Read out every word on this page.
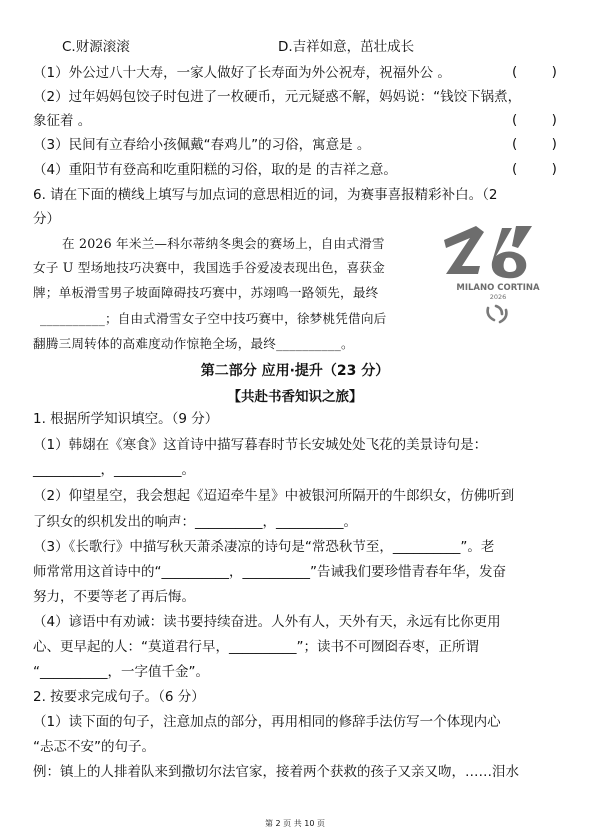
C.财源滚滚	D.吉祥如意，茁壮成长
（1）外公过八十大寿，一家人做好了长寿面为外公祝寿，祝福外公 。	(        )
（2）过年妈妈包饺子时包进了一枚硬币，元元疑惑不解，妈妈说：“钱饺下锅煮，
象征着 。	(        )
（3）民间有立春给小孩佩戴“春鸡儿”的习俗，寓意是 。	(        )
（4）重阳节有登高和吃重阳糕的习俗，取的是 的吉祥之意。	(        )
6. 请在下面的横线上填写与加点词的意思相近的词，为赛事喜报精彩补白。（2
分）
在 2026 年米兰—科尔蒂纳冬奥会的赛场上，自由式滑雪
女子 U 型场地技巧决赛中，我国选手谷爱凌表现出色，喜获金
牌；单板滑雪男子坡面障碍技巧赛中，苏翊鸣一路领先，最终
__________；自由式滑雪女子空中技巧赛中，徐梦桃凭借向后
翻腾三周转体的高难度动作惊艳全场，最终__________。
MILANO CORTINA
2026
第二部分 应用·提升（23 分）
【共赴书香知识之旅】
1. 根据所学知识填空。（9 分）
（1）韩翃在《寒食》这首诗中描写暮春时节长安城处处飞花的美景诗句是：
__________，__________。
（2）仰望星空，我会想起《迢迢牵牛星》中被银河所隔开的牛郎织女，仿佛听到
了织女的织机发出的响声：__________，__________。
（3）《长歌行》中描写秋天萧杀凄凉的诗句是“常恐秋节至，__________”。老
师常常用这首诗中的“__________，__________”告诫我们要珍惜青春年华，发奋
努力，不要等老了再后悔。
（4）谚语中有劝诫：读书要持续奋进。人外有人，天外有天，永远有比你更用
心、更早起的人：“莫道君行早，__________”；读书不可囫囵吞枣，正所谓
“__________，一字值千金”。
2. 按要求完成句子。（6 分）
（1）读下面的句子，注意加点的部分，再用相同的修辞手法仿写一个体现内心
“忐忑不安”的句子。
例：镇上的人排着队来到撒切尔法官家，接着两个获救的孩子又亲又吻，……泪水
第 2 页 共 10 页
